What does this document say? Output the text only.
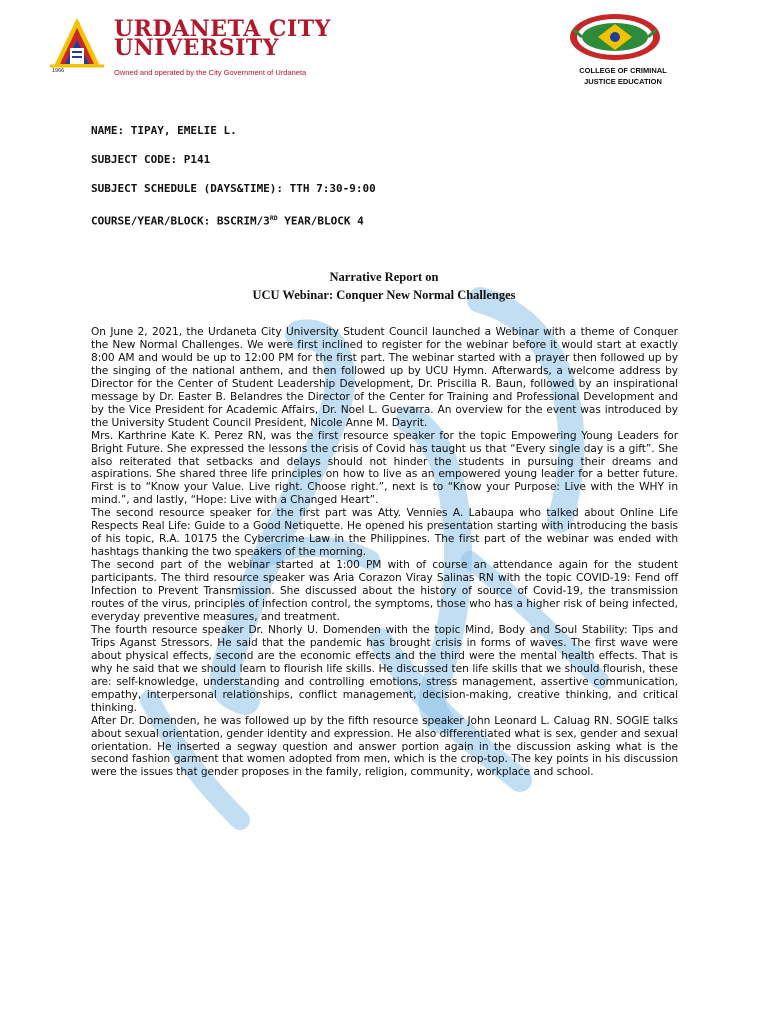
1966
URDANETA CITY
UNIVERSITY
Owned and operated by the City Government of Urdaneta	COLLEGE OF CRIMINAL
JUSTICE EDUCATION
NAME: TIPAY, EMELIE L.
SUBJECT CODE: P141
SUBJECT SCHEDULE (DAYS&TIME): TTH 7:30-9:00
COURSE/YEAR/BLOCK: BSCRIM/3RD YEAR/BLOCK 4
Narrative Report on
UCU Webinar: Conquer New Normal Challenges

On June 2, 2021, the Urdaneta City University Student Council launched a Webinar with a theme of Conquer the New Normal Challenges. We were first inclined to register for the webinar before it would start at exactly 8:00 AM and would be up to 12:00 PM for the first part. The webinar started with a prayer then followed up by the singing of the national anthem, and then followed up by UCU Hymn. Afterwards, a welcome address by Director for the Center of Student Leadership Development, Dr. Priscilla R. Baun, followed by an inspirational message by Dr. Easter B. Belandres the Director of the Center for Training and Professional Development and by the Vice President for Academic Affairs, Dr. Noel L. Guevarra. An overview for the event was introduced by the University Student Council President, Nicole Anne M. Dayrit.

Mrs. Karthrine Kate K. Perez RN, was the first resource speaker for the topic Empowering Young Leaders for Bright Future. She expressed the lessons the crisis of Covid has taught us that “Every single day is a gift”. She also reiterated that setbacks and delays should not hinder the students in pursuing their dreams and aspirations. She shared three life principles on how to live as an empowered young leader for a better future. First is to “Know your Value. Live right. Choose right.”, next is to “Know your Purpose: Live with the WHY in mind.”, and lastly, “Hope: Live with a Changed Heart”.

The second resource speaker for the first part was Atty. Vennies A. Labaupa who talked about Online Life Respects Real Life: Guide to a Good Netiquette. He opened his presentation starting with introducing the basis of his topic, R.A. 10175 the Cybercrime Law in the Philippines. The first part of the webinar was ended with hashtags thanking the two speakers of the morning.

The second part of the webinar started at 1:00 PM with of course an attendance again for the student participants. The third resource speaker was Aria Corazon Viray Salinas RN with the topic COVID-19: Fend off Infection to Prevent Transmission. She discussed about the history of source of Covid-19, the transmission routes of the virus, principles of infection control, the symptoms, those who has a higher risk of being infected, everyday preventive measures, and treatment.

The fourth resource speaker Dr. Nhorly U. Domenden with the topic Mind, Body and Soul Stability: Tips and Trips Aganst Stressors. He said that the pandemic has brought crisis in forms of waves. The first wave were about physical effects, second are the economic effects and the third were the mental health effects. That is why he said that we should learn to flourish life skills. He discussed ten life skills that we should flourish, these are: self-knowledge, understanding and controlling emotions, stress management, assertive communication, empathy, interpersonal relationships, conflict management, decision-making, creative thinking, and critical thinking.

After Dr. Domenden, he was followed up by the fifth resource speaker John Leonard L. Caluag RN. SOGIE talks about sexual orientation, gender identity and expression. He also differentiated what is sex, gender and sexual orientation. He inserted a segway question and answer portion again in the discussion asking what is the second fashion garment that women adopted from men, which is the crop-top. The key points in his discussion were the issues that gender proposes in the family, religion, community, workplace and school.
